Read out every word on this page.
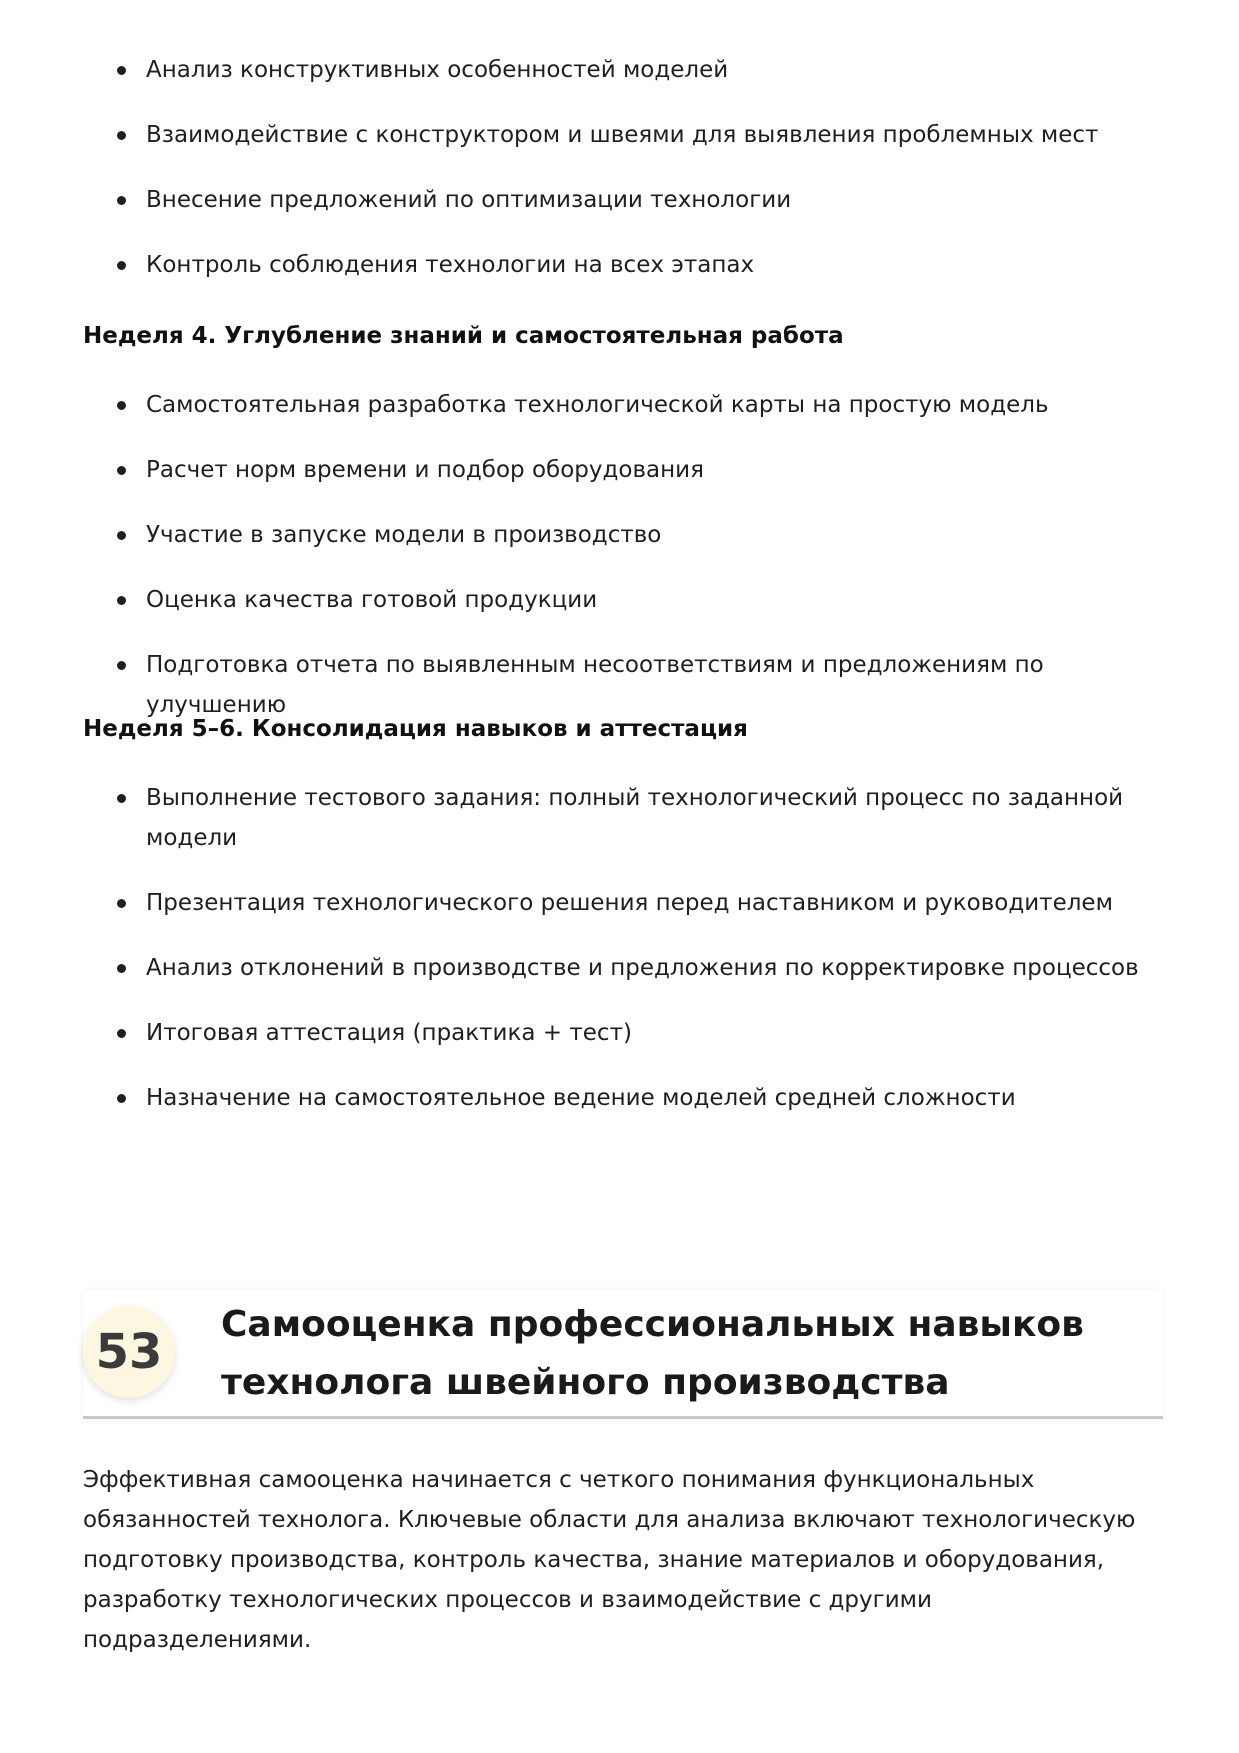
Анализ конструктивных особенностей моделей
Взаимодействие с конструктором и швеями для выявления проблемных мест
Внесение предложений по оптимизации технологии
Контроль соблюдения технологии на всех этапах
Неделя 4. Углубление знаний и самостоятельная работа
Самостоятельная разработка технологической карты на простую модель
Расчет норм времени и подбор оборудования
Участие в запуске модели в производство
Оценка качества готовой продукции
Подготовка отчета по выявленным несоответствиям и предложениям по улучшению
Неделя 5–6. Консолидация навыков и аттестация
Выполнение тестового задания: полный технологический процесс по заданной модели
Презентация технологического решения перед наставником и руководителем
Анализ отклонений в производстве и предложения по корректировке процессов
Итоговая аттестация (практика + тест)
Назначение на самостоятельное ведение моделей средней сложности
53	Самооценка профессиональных навыков
технолога швейного производства

Эффективная самооценка начинается с четкого понимания функциональных обязанностей технолога. Ключевые области для анализа включают технологическую подготовку производства, контроль качества, знание материалов и оборудования, разработку технологических процессов и взаимодействие с другими подразделениями.
